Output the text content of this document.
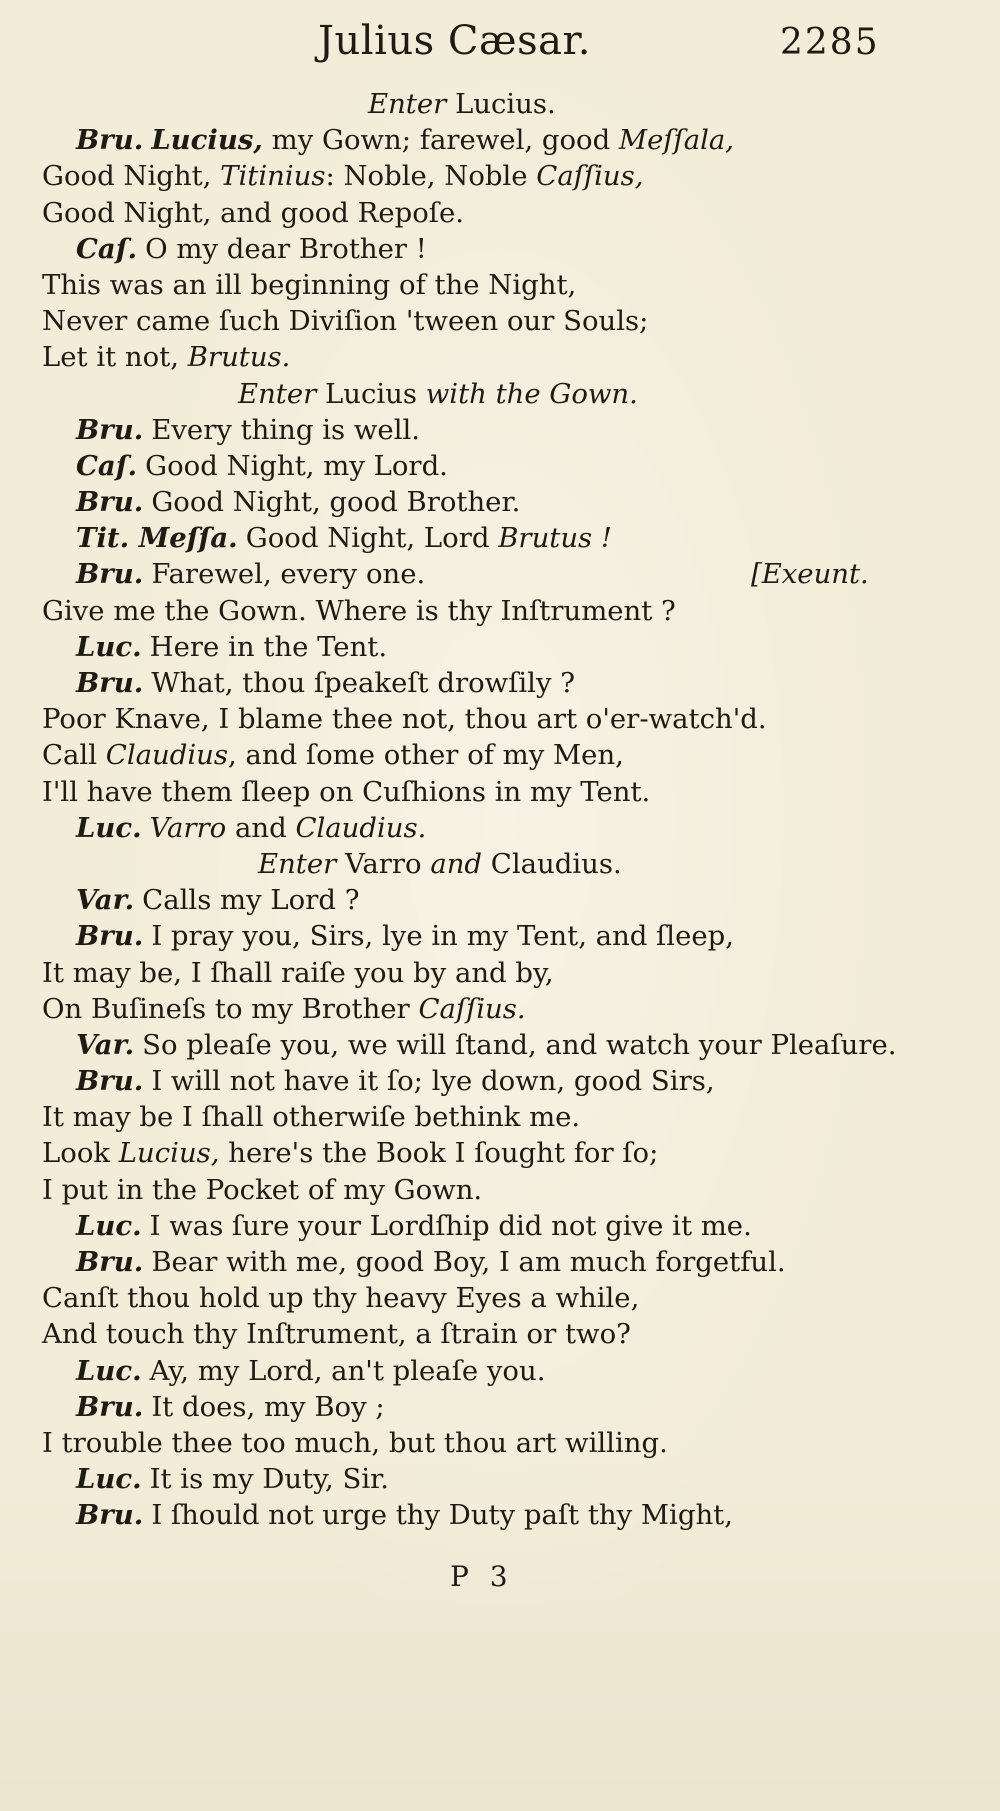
Julius Cæsar.	2285
Enter Lucius.
Bru. Lucius, my Gown; farewel, good Meſſala,
Good Night, Titinius: Noble, Noble Caſſius,
Good Night, and good Repoſe.
Caſ. O my dear Brother !
This was an ill beginning of the Night,
Never came ſuch Diviſion 'tween our Souls;
Let it not, Brutus.
Enter Lucius with the Gown.
Bru. Every thing is well.
Caſ. Good Night, my Lord.
Bru. Good Night, good Brother.
Tit. Meſſa. Good Night, Lord Brutus !
Bru. Farewel, every one.	[Exeunt.
Give me the Gown. Where is thy Inſtrument ?
Luc. Here in the Tent.
Bru. What, thou ſpeakeſt drowſily ?
Poor Knave, I blame thee not, thou art o'er-watch'd.
Call Claudius, and ſome other of my Men,
I'll have them ſleep on Cuſhions in my Tent.
Luc. Varro and Claudius.
Enter Varro and Claudius.
Var. Calls my Lord ?
Bru. I pray you, Sirs, lye in my Tent, and ſleep,
It may be, I ſhall raiſe you by and by,
On Buſineſs to my Brother Caſſius.
Var. So pleaſe you, we will ſtand, and watch your Pleaſure.
Bru. I will not have it ſo; lye down, good Sirs,
It may be I ſhall otherwiſe bethink me.
Look Lucius, here's the Book I ſought for ſo;
I put in the Pocket of my Gown.
Luc. I was ſure your Lordſhip did not give it me.
Bru. Bear with me, good Boy, I am much forgetful.
Canſt thou hold up thy heavy Eyes a while,
And touch thy Inſtrument, a ſtrain or two?
Luc. Ay, my Lord, an't pleaſe you.
Bru. It does, my Boy ;
I trouble thee too much, but thou art willing.
Luc. It is my Duty, Sir.
Bru. I ſhould not urge thy Duty paſt thy Might,
P 3
